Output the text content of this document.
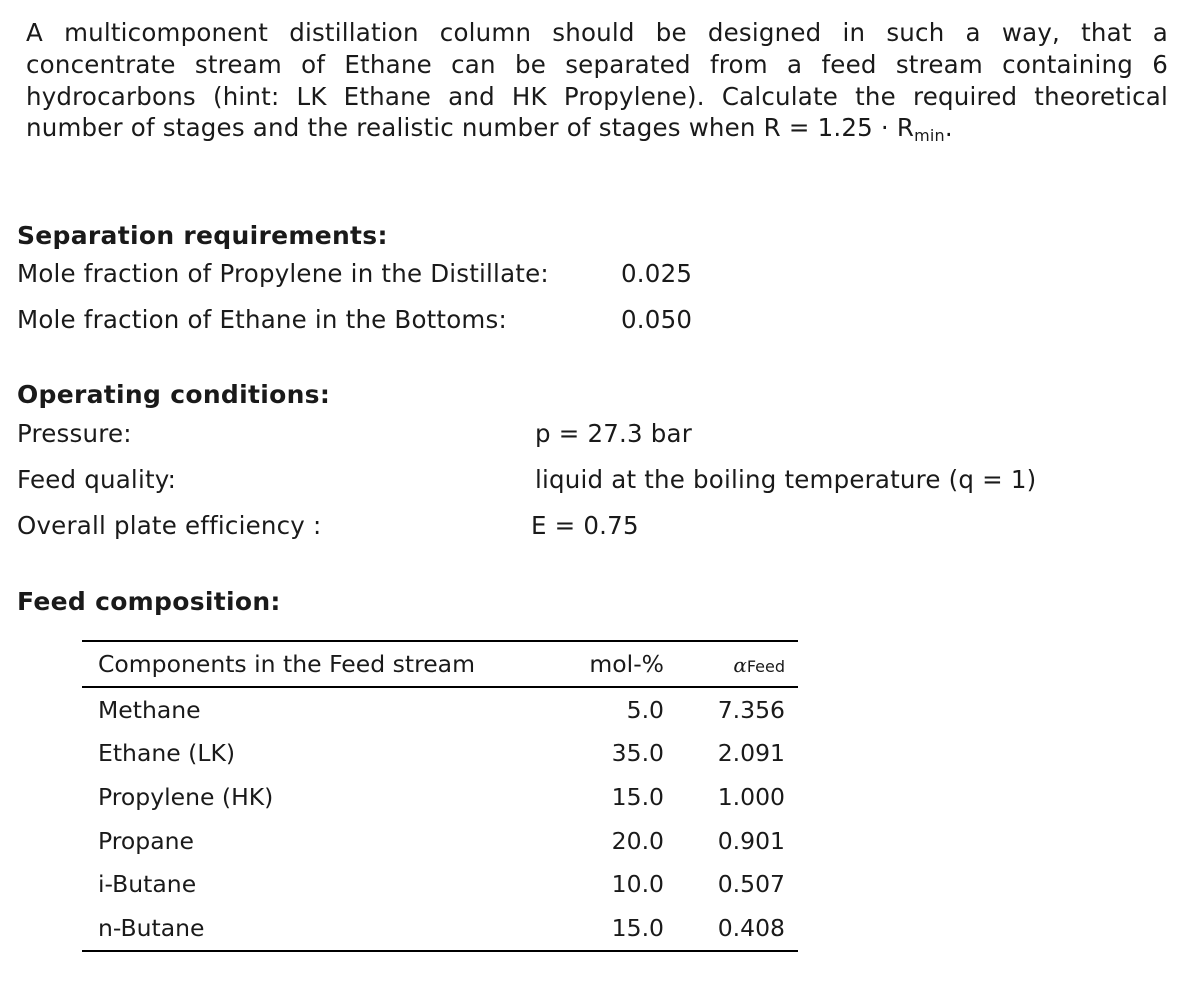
A multicomponent distillation column should be designed in such a way, that a concentrate stream of Ethane can be separated from a feed stream containing 6 hydrocarbons (hint: LK Ethane and HK Propylene). Calculate the required theoretical number of stages and the realistic number of stages when $R = 1.25 \cdot R_{min}$.
Separation requirements:
Mole fraction of Propylene in the Distillate:	0.025
Mole fraction of Ethane in the Bottoms:	0.050
Operating conditions:
Pressure:	p = 27.3 bar
Feed quality:	liquid at the boiling temperature (q = 1)
Overall plate efficiency :	E = 0.75
Feed composition:
Components in the Feed stream	mol-%	αFeed
Methane	5.0	7.356
Ethane (LK)	35.0	2.091
Propylene (HK)	15.0	1.000
Propane	20.0	0.901
i-Butane	10.0	0.507
n-Butane	15.0	0.408
